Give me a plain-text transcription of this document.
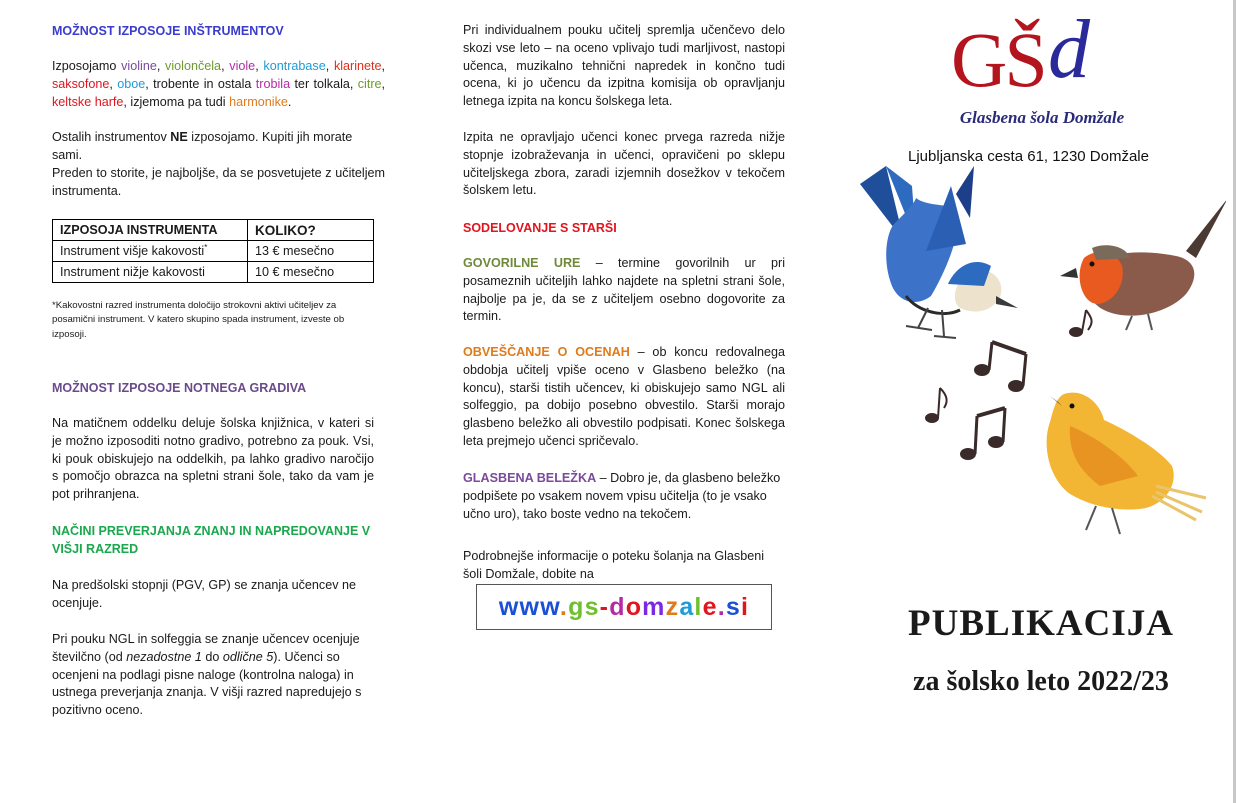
MOŽNOST IZPOSOJE INŠTRUMENTOV
Izposojamo violine, violončela, viole, kontrabase, klarinete, saksofone, oboe, trobente in ostala trobila ter tolkala, citre, keltske harfe, izjemoma pa tudi harmonike.
Ostalih instrumentov NE izposojamo. Kupiti jih morate sami.
Preden to storite, je najboljše, da se posvetujete z učiteljem instrumenta.
IZPOSOJA INSTRUMENTA	KOLIKO?
Instrument višje kakovosti*	13 € mesečno
Instrument nižje kakovosti	10 € mesečno
*Kakovostni razred instrumenta določijo strokovni aktivi učiteljev za posamični instrument. V katero skupino spada instrument, izveste ob izposoji.
MOŽNOST IZPOSOJE NOTNEGA GRADIVA
Na matičnem oddelku deluje šolska knjižnica, v kateri si je možno izposoditi notno gradivo, potrebno za pouk. Vsi, ki pouk obiskujejo na oddelkih, pa lahko gradivo naročijo s pomočjo obrazca na spletni strani šole, tako da vam je pot prihranjena.
NAČINI PREVERJANJA ZNANJ IN NAPREDOVANJE V VIŠJI RAZRED
Na predšolski stopnji (PGV, GP) se znanja učencev ne ocenjuje.
Pri pouku NGL in solfeggia se znanje učencev ocenjuje številčno (od nezadostne 1 do odlične 5). Učenci so ocenjeni na podlagi pisne naloge (kontrolna naloga) in ustnega preverjanja znanja. V višji razred napredujejo s pozitivno oceno.
Pri individualnem pouku učitelj spremlja učenčevo delo skozi vse leto – na oceno vplivajo tudi marljivost, nastopi učenca, muzikalno tehnični napredek in končno tudi ocena, ki jo učencu da izpitna komisija ob opravljanju letnega izpita na koncu šolskega leta.
Izpita ne opravljajo učenci konec prvega razreda nižje stopnje izobraževanja in učenci, opravičeni po sklepu učiteljskega zbora, zaradi izjemnih dosežkov v tekočem šolskem letu.
SODELOVANJE S STARŠI
GOVORILNE URE – termine govorilnih ur pri posameznih učiteljih lahko najdete na spletni strani šole, najbolje pa je, da se z učiteljem osebno dogovorite za termin.
OBVEŠČANJE O OCENAH – ob koncu redovalnega obdobja učitelj vpiše oceno v Glasbeno beležko (na koncu), starši tistih učencev, ki obiskujejo samo NGL ali solfeggio, pa dobijo posebno obvestilo. Starši morajo glasbeno beležko ali obvestilo podpisati. Konec šolskega leta prejmejo učenci spričevalo.
GLASBENA BELEŽKA – Dobro je, da glasbeno beležko podpišete po vsakem novem vpisu učitelja (to je vsako učno uro), tako boste vedno na tekočem.
Podrobnejše informacije o poteku šolanja na Glasbeni šoli Domžale, dobite na
www.gs-domzale.si
GŠ d
Glasbena šola Domžale
Ljubljanska cesta 61, 1230 Domžale
PUBLIKACIJA
za šolsko leto 2022/23
